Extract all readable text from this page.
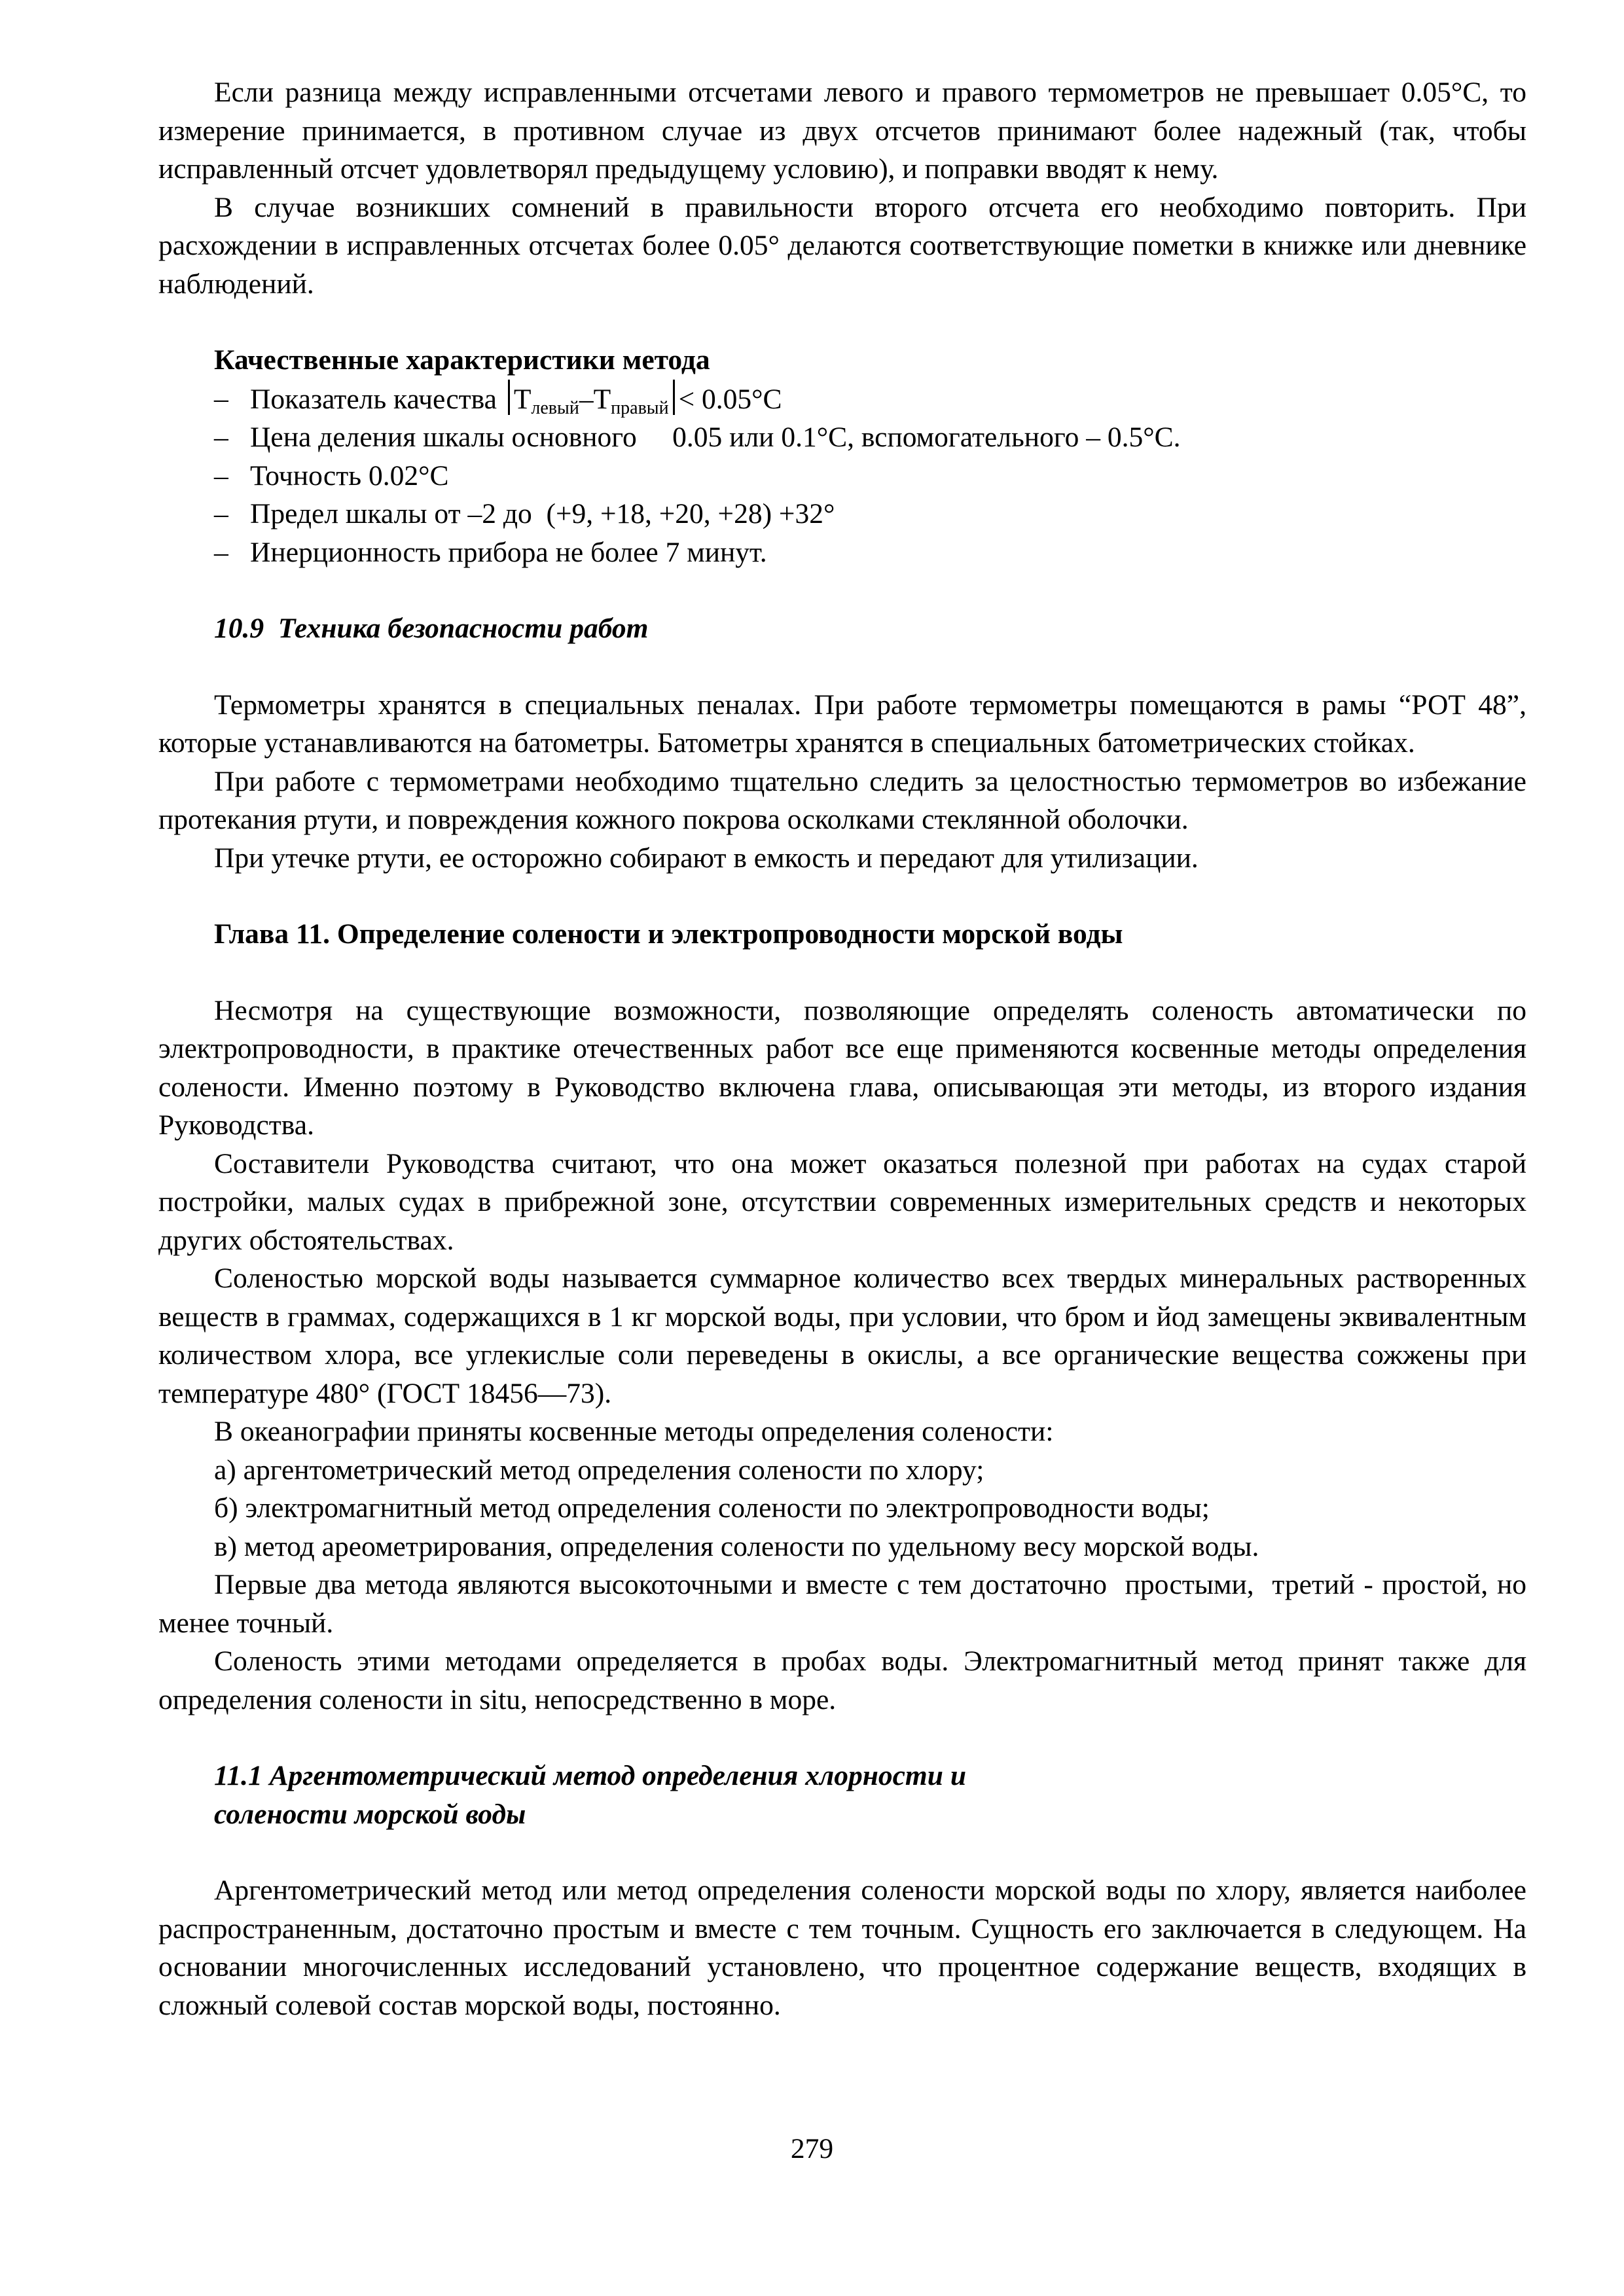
Если разница между исправленными отсчетами левого и правого термометров не превышает 0.05°С, то измерение принимается, в противном случае из двух отсчетов принимают более надежный (так, чтобы исправленный отсчет удовлетворял предыдущему условию), и поправки вводят к нему.

В случае возникших сомнений в правильности второго отсчета его необходимо повторить. При расхождении в исправленных отсчетах более 0.05° делаются соответствующие пометки в книжке или дневнике наблюдений.

Качественные характеристики метода
– Показатель качества $Т_{левый}-Т_{правый} < 0.05^\circ С$
– Цена деления шкалы основного     0.05 или 0.1°С, вспомогательного – 0.5°С.
– Точность 0.02°С
– Предел шкалы от –2 до  (+9, +18, +20, +28) +32°
– Инерционность прибора не более 7 минут.
10.9  Техника безопасности работ

Термометры хранятся в специальных пеналах. При работе термометры помещаются в рамы “РОТ 48”, которые устанавливаются на батометры. Батометры хранятся в специальных батометрических стойках.

При работе с термометрами необходимо тщательно следить за целостностью термометров во избежание протекания ртути, и повреждения кожного покрова осколками стеклянной оболочки.

При утечке ртути, ее осторожно собирают в емкость и передают для утилизации.

Глава 11. Определение солености и электропроводности морской воды

Несмотря на существующие возможности, позволяющие определять соленость автоматически по электропроводности, в практике отечественных работ все еще применяются косвенные методы определения солености. Именно поэтому в Руководство включена глава, описывающая эти методы, из второго издания Руководства.

Составители Руководства считают, что она может оказаться полезной при работах на судах старой постройки, малых судах в прибрежной зоне, отсутствии современных измерительных средств и некоторых других обстоятельствах.

Соленостью морской воды называется суммарное количество всех твердых минеральных растворенных веществ в граммах, содержащихся в 1 кг морской воды, при условии, что бром и йод замещены эквивалентным количеством хлора, все углекислые соли переведены в окислы, а все органические вещества сожжены при температуре 480° (ГОСТ 18456—73).

В океанографии приняты косвенные методы определения солености:

а) аргентометрический метод определения солености по хлору;

б) электромагнитный метод определения солености по электропроводности воды;

в) метод ареометрирования, определения солености по удельному весу морской воды.

Первые два метода являются высокоточными и вместе с тем достаточно  простыми,  третий - простой, но менее точный.

Соленость этими методами определяется в пробах воды. Электромагнитный метод принят также для определения солености in situ, непосредственно в море.

11.1 Аргентометрический метод определения хлорности и
солености морской воды

Аргентометрический метод или метод определения солености морской воды по хлору, является наиболее распространенным, достаточно простым и вместе с тем точным. Сущность его заключается в следующем. На основании многочисленных исследований установлено, что процентное содержание веществ, входящих в сложный солевой состав морской воды, постоянно.

279
